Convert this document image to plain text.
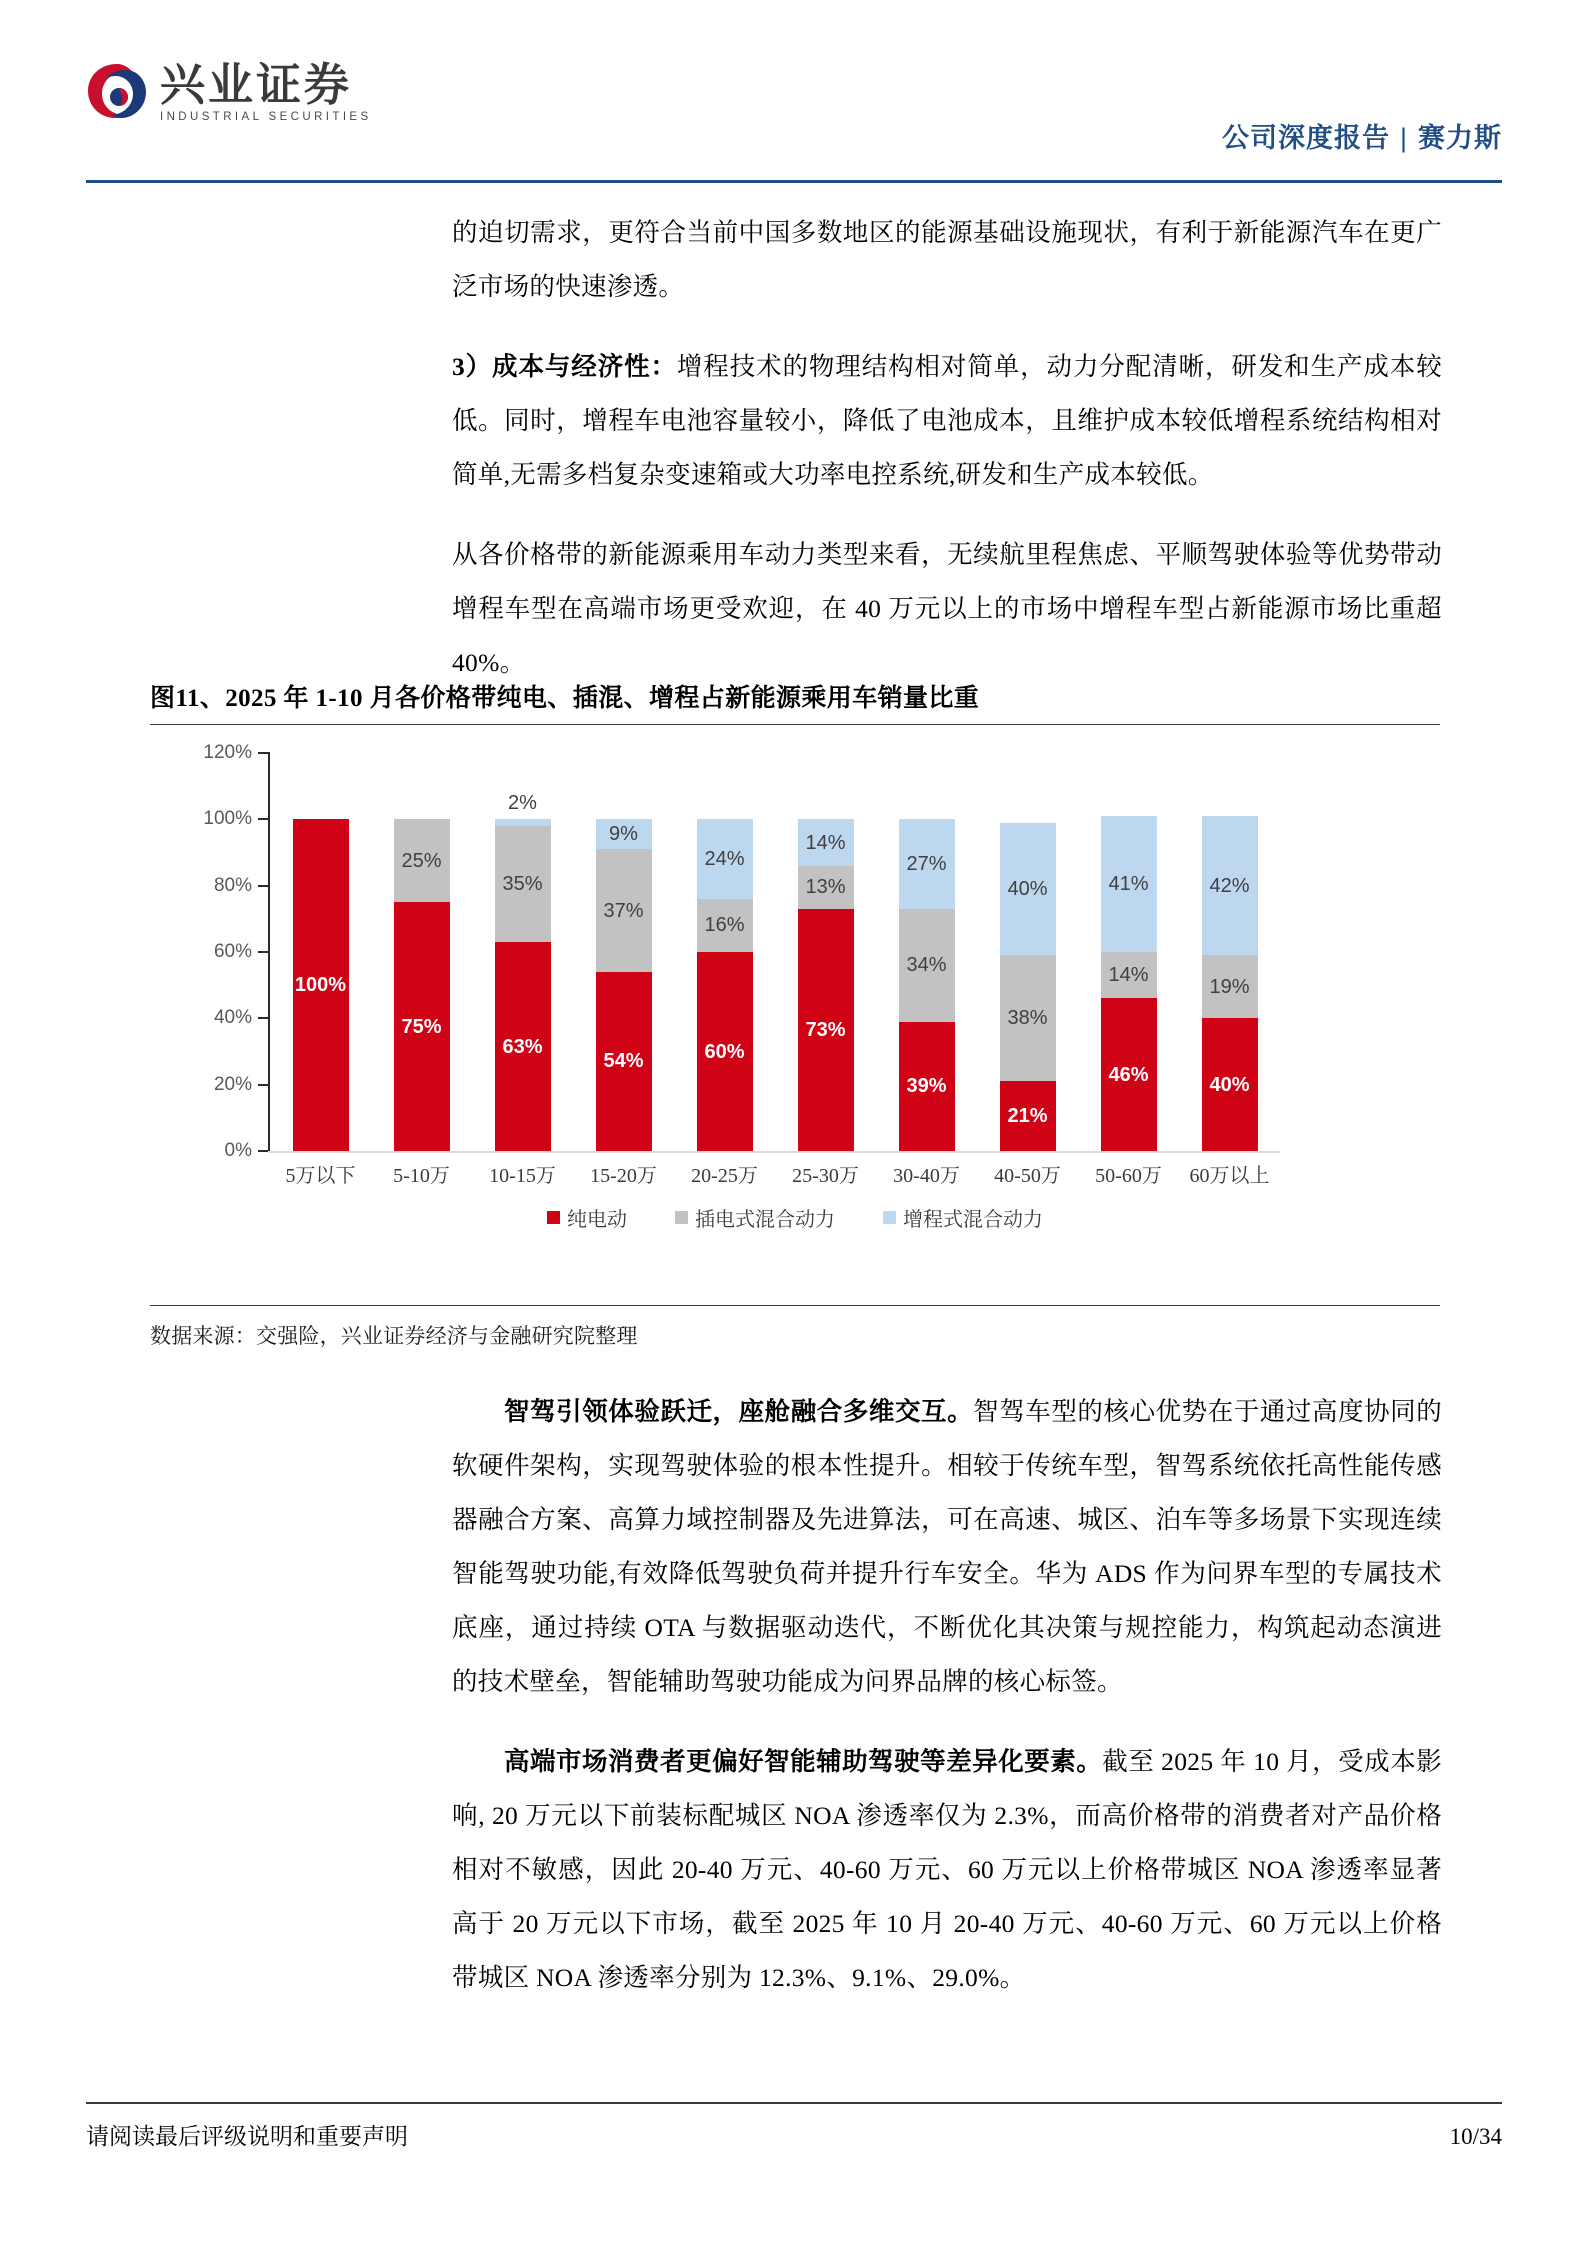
兴业证券
INDUSTRIAL SECURITIES
公司深度报告 | 赛力斯

的迫切需求，更符合当前中国多数地区的能源基础设施现状，有利于新能源汽车在更广泛市场的快速渗透。

3）成本与经济性：增程技术的物理结构相对简单，动力分配清晰，研发和生产成本较低。同时，增程车电池容量较小，降低了电池成本，且维护成本较低增程系统结构相对简单,无需多档复杂变速箱或大功率电控系统,研发和生产成本较低。

从各价格带的新能源乘用车动力类型来看，无续航里程焦虑、平顺驾驶体验等优势带动增程车型在高端市场更受欢迎，在 40 万元以上的市场中增程车型占新能源市场比重超 40%。

图11、2025 年 1-10 月各价格带纯电、插混、增程占新能源乘用车销量比重
0%
20%
40%
60%
80%
100%
120%
100%
25%
75%
2%
35%
63%
9%
37%
54%
24%
16%
60%
14%
13%
73%
27%
34%
39%
40%
38%
21%
41%
14%
46%
42%
19%
40%
5万以下	5-10万	10-15万	15-20万	20-25万	25-30万	30-40万	40-50万	50-60万	60万以上
纯电动	插电式混合动力	增程式混合动力
数据来源：交强险，兴业证券经济与金融研究院整理

智驾引领体验跃迁，座舱融合多维交互。智驾车型的核心优势在于通过高度协同的软硬件架构，实现驾驶体验的根本性提升。相较于传统车型，智驾系统依托高性能传感器融合方案、高算力域控制器及先进算法，可在高速、城区、泊车等多场景下实现连续智能驾驶功能,有效降低驾驶负荷并提升行车安全。华为 ADS 作为问界车型的专属技术底座，通过持续 OTA 与数据驱动迭代，不断优化其决策与规控能力，构筑起动态演进的技术壁垒，智能辅助驾驶功能成为问界品牌的核心标签。

高端市场消费者更偏好智能辅助驾驶等差异化要素。截至 2025 年 10 月，受成本影响, 20 万元以下前装标配城区 NOA 渗透率仅为 2.3%，而高价格带的消费者对产品价格相对不敏感，因此 20-40 万元、40-60 万元、60 万元以上价格带城区 NOA 渗透率显著高于 20 万元以下市场，截至 2025 年 10 月 20-40 万元、40-60 万元、60 万元以上价格带城区 NOA 渗透率分别为 12.3%、9.1%、29.0%。

请阅读最后评级说明和重要声明	10/34
